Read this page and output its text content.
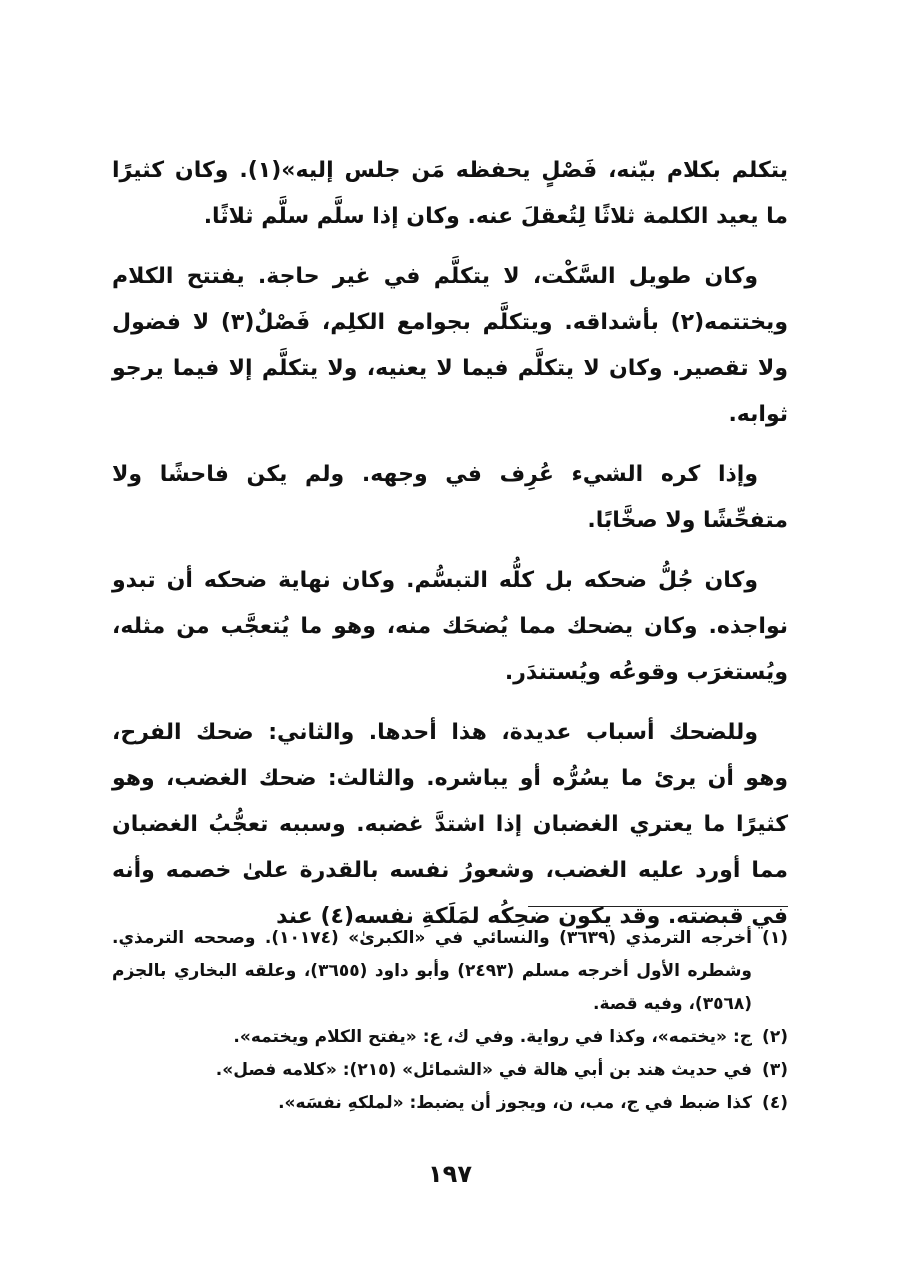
يتكلم بكلام بيّنه، فَصْلٍ يحفظه مَن جلس إليه»(١). وكان كثيرًا ما يعيد الكلمة ثلاثًا لِتُعقلَ عنه. وكان إذا سلَّم سلَّم ثلاثًا.

وكان طويل السَّكْت، لا يتكلَّم في غير حاجة. يفتتح الكلام ويختتمه(٢) بأشداقه. ويتكلَّم بجوامع الكلِم، فَصْلٌ(٣) لا فضول ولا تقصير. وكان لا يتكلَّم فيما لا يعنيه، ولا يتكلَّم إلا فيما يرجو ثوابه.

وإذا كره الشيء عُرِف في وجهه. ولم يكن فاحشًا ولا متفحِّشًا ولا صخَّابًا.

وكان جُلُّ ضحكه بل كلُّه التبسُّم. وكان نهاية ضحكه أن تبدو نواجذه. وكان يضحك مما يُضحَك منه، وهو ما يُتعجَّب من مثله، ويُستغرَب وقوعُه ويُستندَر.

وللضحك أسباب عديدة، هذا أحدها. والثاني: ضحك الفرح، وهو أن يرئ ما يسُرُّه أو يباشره. والثالث: ضحك الغضب، وهو كثيرًا ما يعتري الغضبان إذا اشتدَّ غضبه. وسببه تعجُّبُ الغضبان مما أورد عليه الغضب، وشعورُ نفسه بالقدرة علىٰ خصمه وأنه في قبضته. وقد يكون ضحِكُه لمَلَكةِ نفسه(٤) عند

(١)
أخرجه الترمذي (٣٦٣٩) والنسائي في «الكبرىٰ» (١٠١٧٤). وصححه الترمذي. وشطره الأول أخرجه مسلم (٢٤٩٣) وأبو داود (٣٦٥٥)، وعلقه البخاري بالجزم (٣٥٦٨)، وفيه قصة.
(٢)
ج: «يختمه»، وكذا في رواية. وفي ك، ع: «يفتح الكلام ويختمه».
(٣)
في حديث هند بن أبي هالة في «الشمائل» (٢١٥): «كلامه فصل».
(٤)
كذا ضبط في ج، مب، ن، ويجوز أن يضبط: «لملكهِ نفسَه».
١٩٧
